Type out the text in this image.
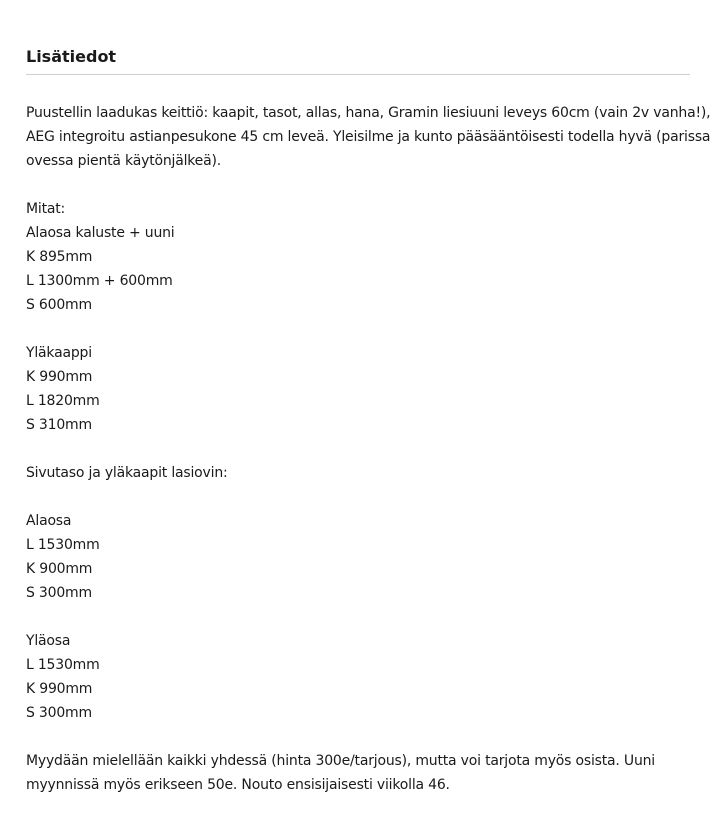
Lisätiedot

Puustellin laadukas keittiö: kaapit, tasot, allas, hana, Gramin liesiuuni leveys 60cm (vain 2v vanha!),
AEG integroitu astianpesukone 45 cm leveä. Yleisilme ja kunto pääsääntöisesti todella hyvä (parissa
ovessa pientä käytönjälkeä).

Mitat:
Alaosa kaluste + uuni
K 895mm
L 1300mm + 600mm
S 600mm

Yläkaappi
K 990mm
L 1820mm
S 310mm

Sivutaso ja yläkaapit lasiovin:

Alaosa
L 1530mm
K 900mm
S 300mm

Yläosa
L 1530mm
K 990mm
S 300mm

Myydään mielellään kaikki yhdessä (hinta 300e/tarjous), mutta voi tarjota myös osista. Uuni
myynnissä myös erikseen 50e. Nouto ensisijaisesti viikolla 46.
